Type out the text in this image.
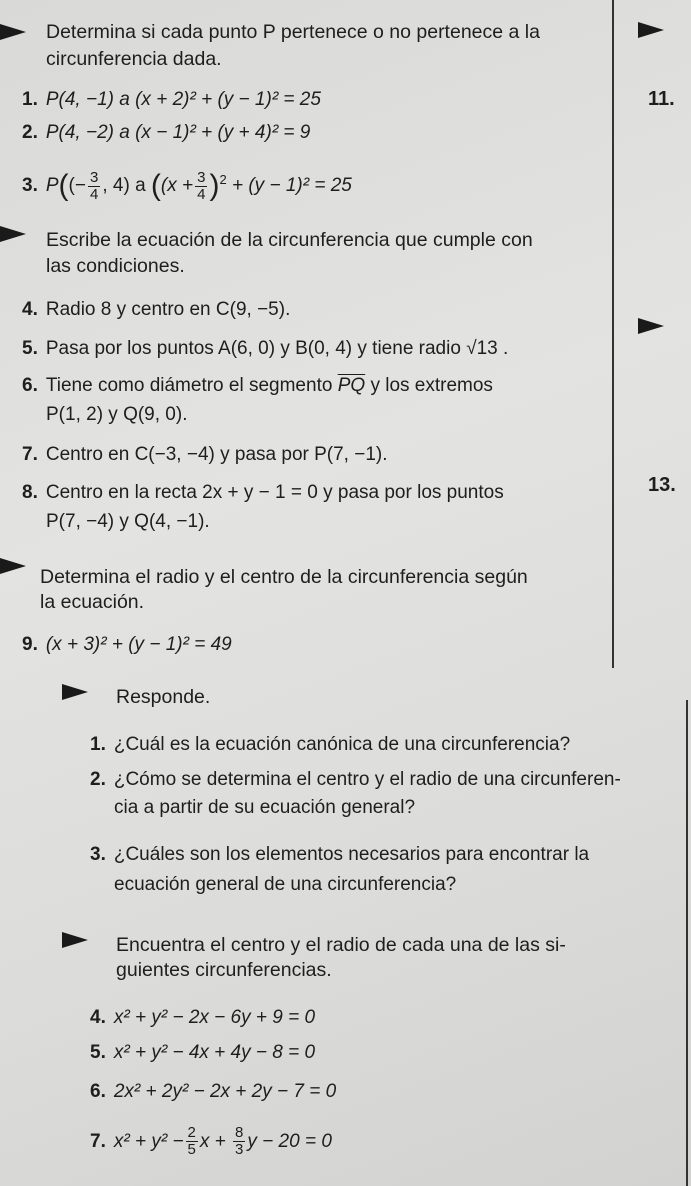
11.
13.
Determina si cada punto P pertenece o no pertenece a la
circunferencia dada.
1. P(4, −1) a (x + 2)² + (y − 1)² = 25
2. P(4, −2) a (x − 1)² + (y + 4)² = 9
3. $P((- \frac{3}{4}$ , 4) a ($(x + \frac{3}{4} )^2 + (y - 1)^2 = 25$
Escribe la ecuación de la circunferencia que cumple con
las condiciones.
4. Radio 8 y centro en C(9, −5).
5. Pasa por los puntos A(6, 0) y B(0, 4) y tiene radio √13 .
6. Tiene como diámetro el segmento $\overline{PQ}$ y los extremos
P(1, 2) y Q(9, 0).
7. Centro en C(−3, −4) y pasa por P(7, −1).
8. Centro en la recta 2x + y − 1 = 0 y pasa por los puntos
P(7, −4) y Q(4, −1).
Determina el radio y el centro de la circunferencia según
la ecuación.
9. (x + 3)² + (y − 1)² = 49
Responde.
1. ¿Cuál es la ecuación canónica de una circunferencia?
2. ¿Cómo se determina el centro y el radio de una circunferen-
cia a partir de su ecuación general?
3. ¿Cuáles son los elementos necesarios para encontrar la
ecuación general de una circunferencia?
Encuentra el centro y el radio de cada una de las si-
guientes circunferencias.
4. x² + y² − 2x − 6y + 9 = 0
5. x² + y² − 4x + 4y − 8 = 0
6. 2x² + 2y² − 2x + 2y − 7 = 0
7. $x^2 + y^2 - \frac{2}{5}$ $x + \frac{8}{3}$ y − 20 = 0
